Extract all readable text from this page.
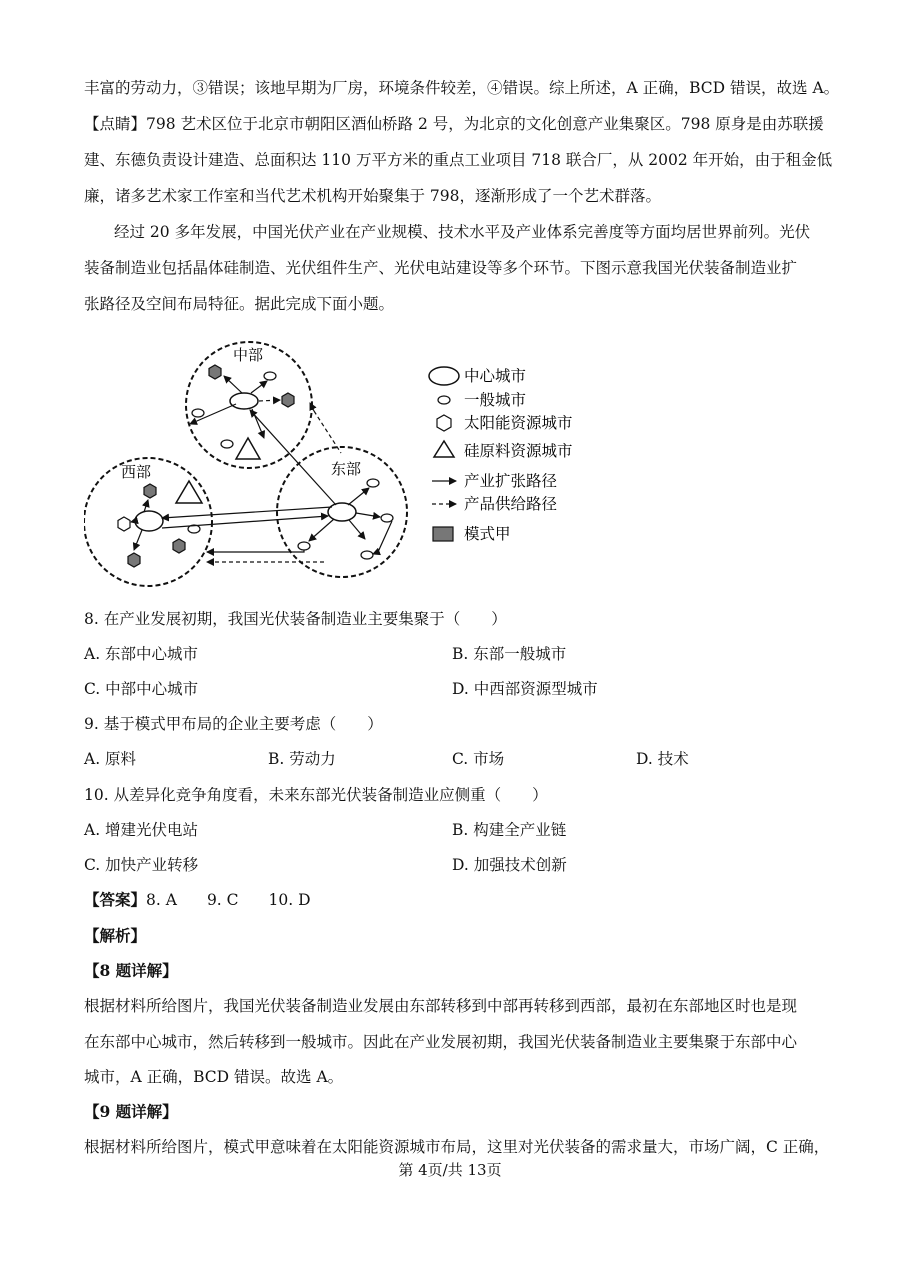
丰富的劳动力，③错误；该地早期为厂房，环境条件较差，④错误。综上所述，A 正确，BCD 错误，故选 A。
【点睛】798 艺术区位于北京市朝阳区酒仙桥路 2 号，为北京的文化创意产业集聚区。798 原身是由苏联援
建、东德负责设计建造、总面积达 110 万平方米的重点工业项目 718 联合厂，从 2002 年开始，由于租金低
廉，诸多艺术家工作室和当代艺术机构开始聚集于 798，逐渐形成了一个艺术群落。
经过 20 多年发展，中国光伏产业在产业规模、技术水平及产业体系完善度等方面均居世界前列。光伏
装备制造业包括晶体硅制造、光伏组件生产、光伏电站建设等多个环节。下图示意我国光伏装备制造业扩
张路径及空间布局特征。据此完成下面小题。
中部
西部	东部
中心城市
一般城市
太阳能资源城市
硅原料资源城市
产业扩张路径
产品供给路径
模式甲
8. 在产业发展初期，我国光伏装备制造业主要集聚于（　　）
A. 东部中心城市	B. 东部一般城市
C. 中部中心城市	D. 中西部资源型城市
9. 基于模式甲布局的企业主要考虑（　　）
A. 原料	B. 劳动力	C. 市场	D. 技术
10. 从差异化竞争角度看，未来东部光伏装备制造业应侧重（　　）
A. 增建光伏电站	B. 构建全产业链
C. 加快产业转移	D. 加强技术创新
【答案】8. A 9. C 10. D
【解析】
【8 题详解】
根据材料所给图片，我国光伏装备制造业发展由东部转移到中部再转移到西部，最初在东部地区时也是现
在东部中心城市，然后转移到一般城市。因此在产业发展初期，我国光伏装备制造业主要集聚于东部中心
城市，A 正确，BCD 错误。故选 A。
【9 题详解】
根据材料所给图片，模式甲意味着在太阳能资源城市布局，这里对光伏装备的需求量大，市场广阔，C 正确，
第 4页/共 13页
